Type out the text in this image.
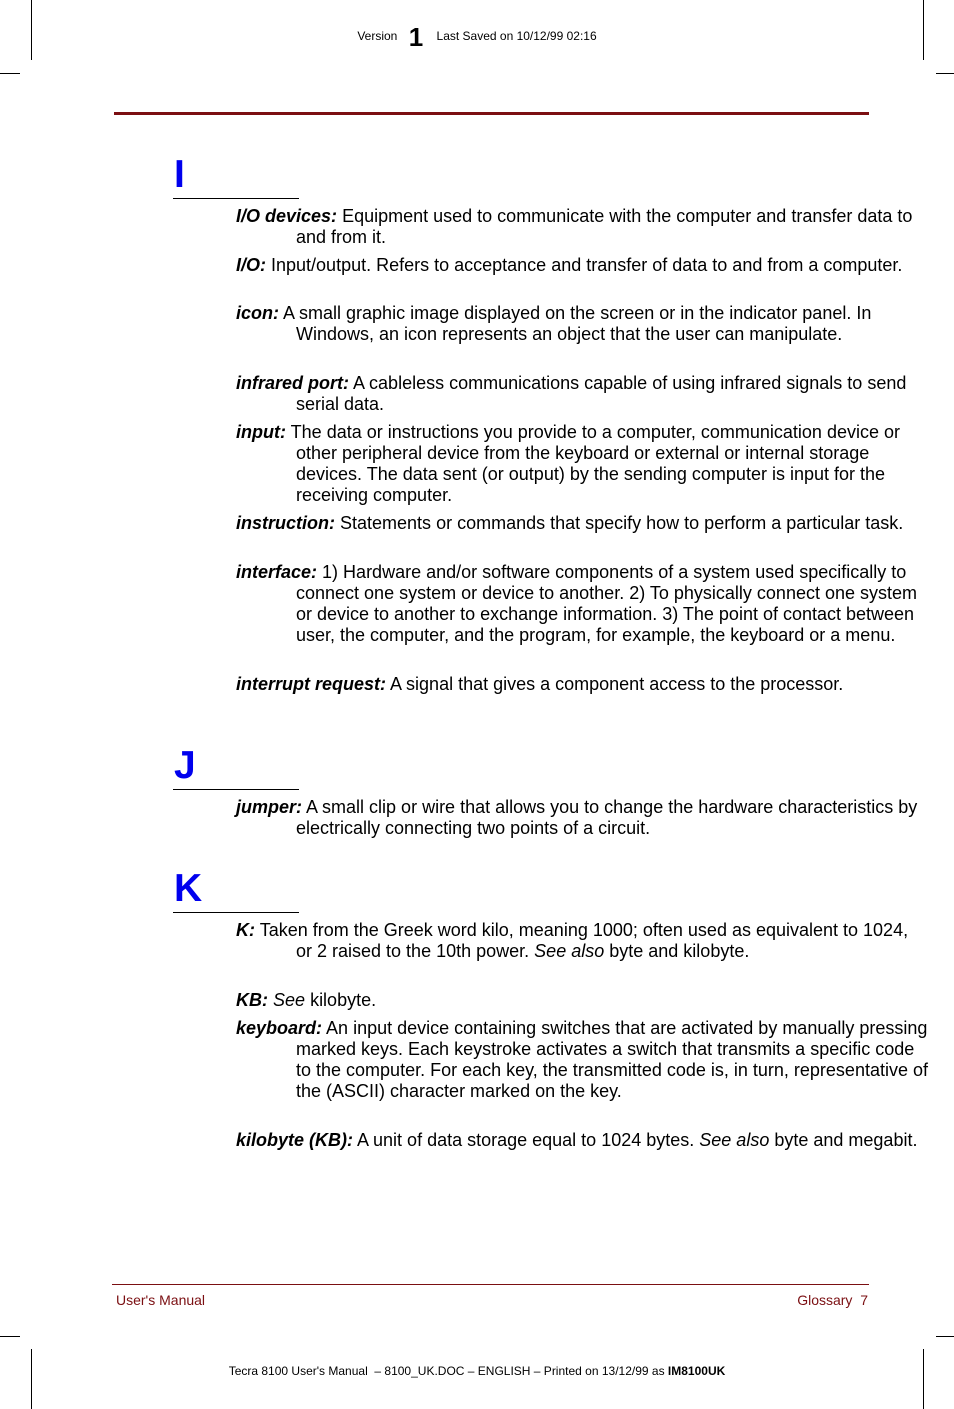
Version 1 Last Saved on 10/12/99 02:16
I
I/O devices: Equipment used to communicate with the computer and transfer data to and from it.
I/O: Input/output. Refers to acceptance and transfer of data to and from a computer.
icon: A small graphic image displayed on the screen or in the indicator panel. In Windows, an icon represents an object that the user can manipulate.
infrared port: A cableless communications capable of using infrared signals to send serial data.
input: The data or instructions you provide to a computer, communication device or other peripheral device from the keyboard or external or internal storage devices. The data sent (or output) by the sending computer is input for the receiving computer.
instruction: Statements or commands that specify how to perform a particular task.
interface: 1) Hardware and/or software components of a system used specifically to connect one system or device to another. 2) To physically connect one system or device to another to exchange information. 3) The point of contact between user, the computer, and the program, for example, the keyboard or a menu.
interrupt request: A signal that gives a component access to the processor.
J
jumper: A small clip or wire that allows you to change the hardware characteristics by electrically connecting two points of a circuit.
K
K: Taken from the Greek word kilo, meaning 1000; often used as equivalent to 1024, or 2 raised to the 10th power. See also byte and kilobyte.
KB: See kilobyte.
keyboard: An input device containing switches that are activated by manually pressing marked keys. Each keystroke activates a switch that transmits a specific code to the computer. For each key, the transmitted code is, in turn, representative of the (ASCII) character marked on the key.
kilobyte (KB): A unit of data storage equal to 1024 bytes. See also byte and megabit.
User's Manual	Glossary  7
Tecra 8100 User's Manual  – 8100_UK.DOC – ENGLISH – Printed on 13/12/99 as IM8100UK
